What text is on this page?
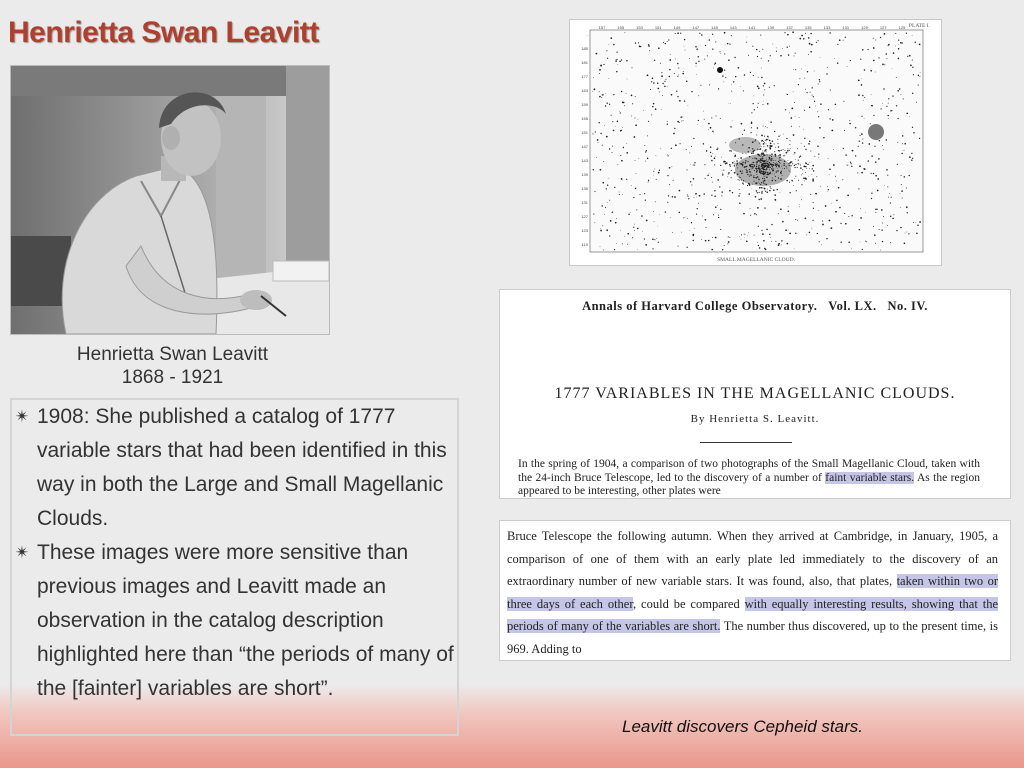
Henrietta Swan Leavitt
Henrietta Swan Leavitt
1868 - 1921
✴ 1908: She published a catalog of 1777 variable stars that had been identified in this way in both the Large and Small Magellanic Clouds.
✴ These images were more sensitive than previous images and Leavitt made an observation in the catalog description highlighted here than “the periods of many of the [fainter] variables are short”.
PLATE I.
SMALL MAGELLANIC CLOUD.
157	155	153	151	149	147	145	143	141	139	137	135	133	131	129	127	125
-
185
181
177
163
159
155
151
147
143
139
135
131
127
123
119
Annals of Harvard College Observatory. Vol. LX. No. IV.
1777 VARIABLES IN THE MAGELLANIC CLOUDS.
By Henrietta S. Leavitt.
In the spring of 1904, a comparison of two photographs of the Small Magellanic Cloud, taken with the 24-inch Bruce Telescope, led to the discovery of a number of faint variable stars. As the region appeared to be interesting, other plates were
Bruce Telescope the following autumn. When they arrived at Cambridge, in January, 1905, a comparison of one of them with an early plate led immediately to the discovery of an extraordinary number of new variable stars. It was found, also, that plates, taken within two or three days of each other, could be compared with equally interesting results, showing that the periods of many of the variables are short. The number thus discovered, up to the present time, is 969. Adding to
Leavitt discovers Cepheid stars.
